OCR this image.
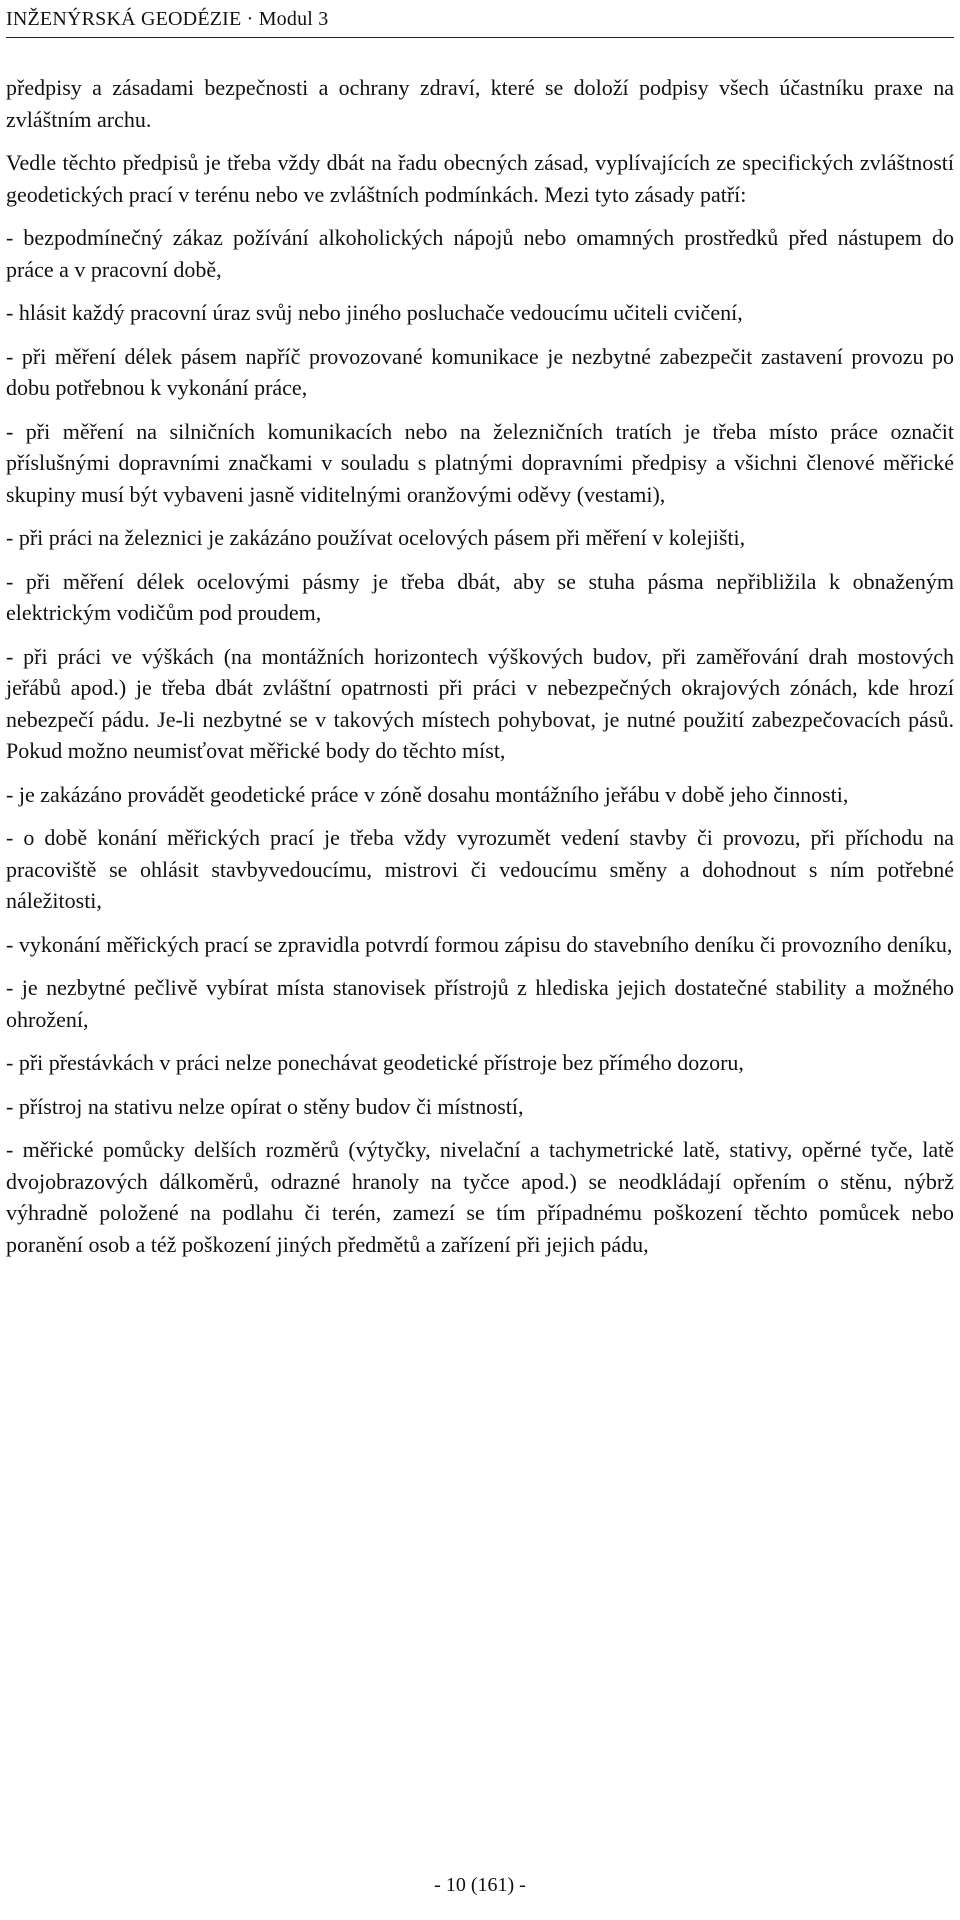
INŽENÝRSKÁ GEODÉZIE · Modul 3

předpisy a zásadami bezpečnosti a ochrany zdraví, které se doloží podpisy všech účastníku praxe na zvláštním archu.

Vedle těchto předpisů je třeba vždy dbát na řadu obecných zásad, vyplívajících ze specifických zvláštností geodetických prací v terénu nebo ve zvláštních podmínkách. Mezi tyto zásady patří:

- bezpodmínečný zákaz požívání alkoholických nápojů nebo omamných prostředků před nástupem do práce a v pracovní době,

- hlásit každý pracovní úraz svůj nebo jiného posluchače vedoucímu učiteli cvičení,

- při měření délek pásem napříč provozované komunikace je nezbytné zabezpečit zastavení provozu po dobu potřebnou k vykonání práce,

- při měření na silničních komunikacích nebo na železničních tratích je třeba místo práce označit příslušnými dopravními značkami v souladu s platnými dopravními předpisy a všichni členové měřické skupiny musí být vybaveni jasně viditelnými oranžovými oděvy (vestami),

- při práci na železnici je zakázáno používat ocelových pásem při měření v kolejišti,

- při měření délek ocelovými pásmy je třeba dbát, aby se stuha pásma nepřibližila k obnaženým elektrickým vodičům pod proudem,

- při práci ve výškách (na montážních horizontech výškových budov, při zaměřování drah mostových jeřábů apod.) je třeba dbát zvláštní opatrnosti při práci v nebezpečných okrajových zónách, kde hrozí nebezpečí pádu. Je-li nezbytné se v takových místech pohybovat, je nutné použití zabezpečovacích pásů. Pokud možno neumisťovat měřické body do těchto míst,

- je zakázáno provádět geodetické práce v zóně dosahu montážního jeřábu v době jeho činnosti,

- o době konání měřických prací je třeba vždy vyrozumět vedení stavby či provozu, při příchodu na pracoviště se ohlásit stavbyvedoucímu, mistrovi či vedoucímu směny a dohodnout s ním potřebné náležitosti,

- vykonání měřických prací se zpravidla potvrdí formou zápisu do stavebního deníku či provozního deníku,

- je nezbytné pečlivě vybírat místa stanovisek přístrojů z hlediska jejich dostatečné stability a možného ohrožení,

- při přestávkách v práci nelze ponechávat geodetické přístroje bez přímého dozoru,

- přístroj na stativu nelze opírat o stěny budov či místností,

- měřické pomůcky delších rozměrů (výtyčky, nivelační a tachymetrické latě, stativy, opěrné tyče, latě dvojobrazových dálkoměrů, odrazné hranoly na tyčce apod.) se neodkládají opřením o stěnu, nýbrž výhradně položené na podlahu či terén, zamezí se tím případnému poškození těchto pomůcek nebo poranění osob a též poškození jiných předmětů a zařízení při jejich pádu,

- 10 (161) -
